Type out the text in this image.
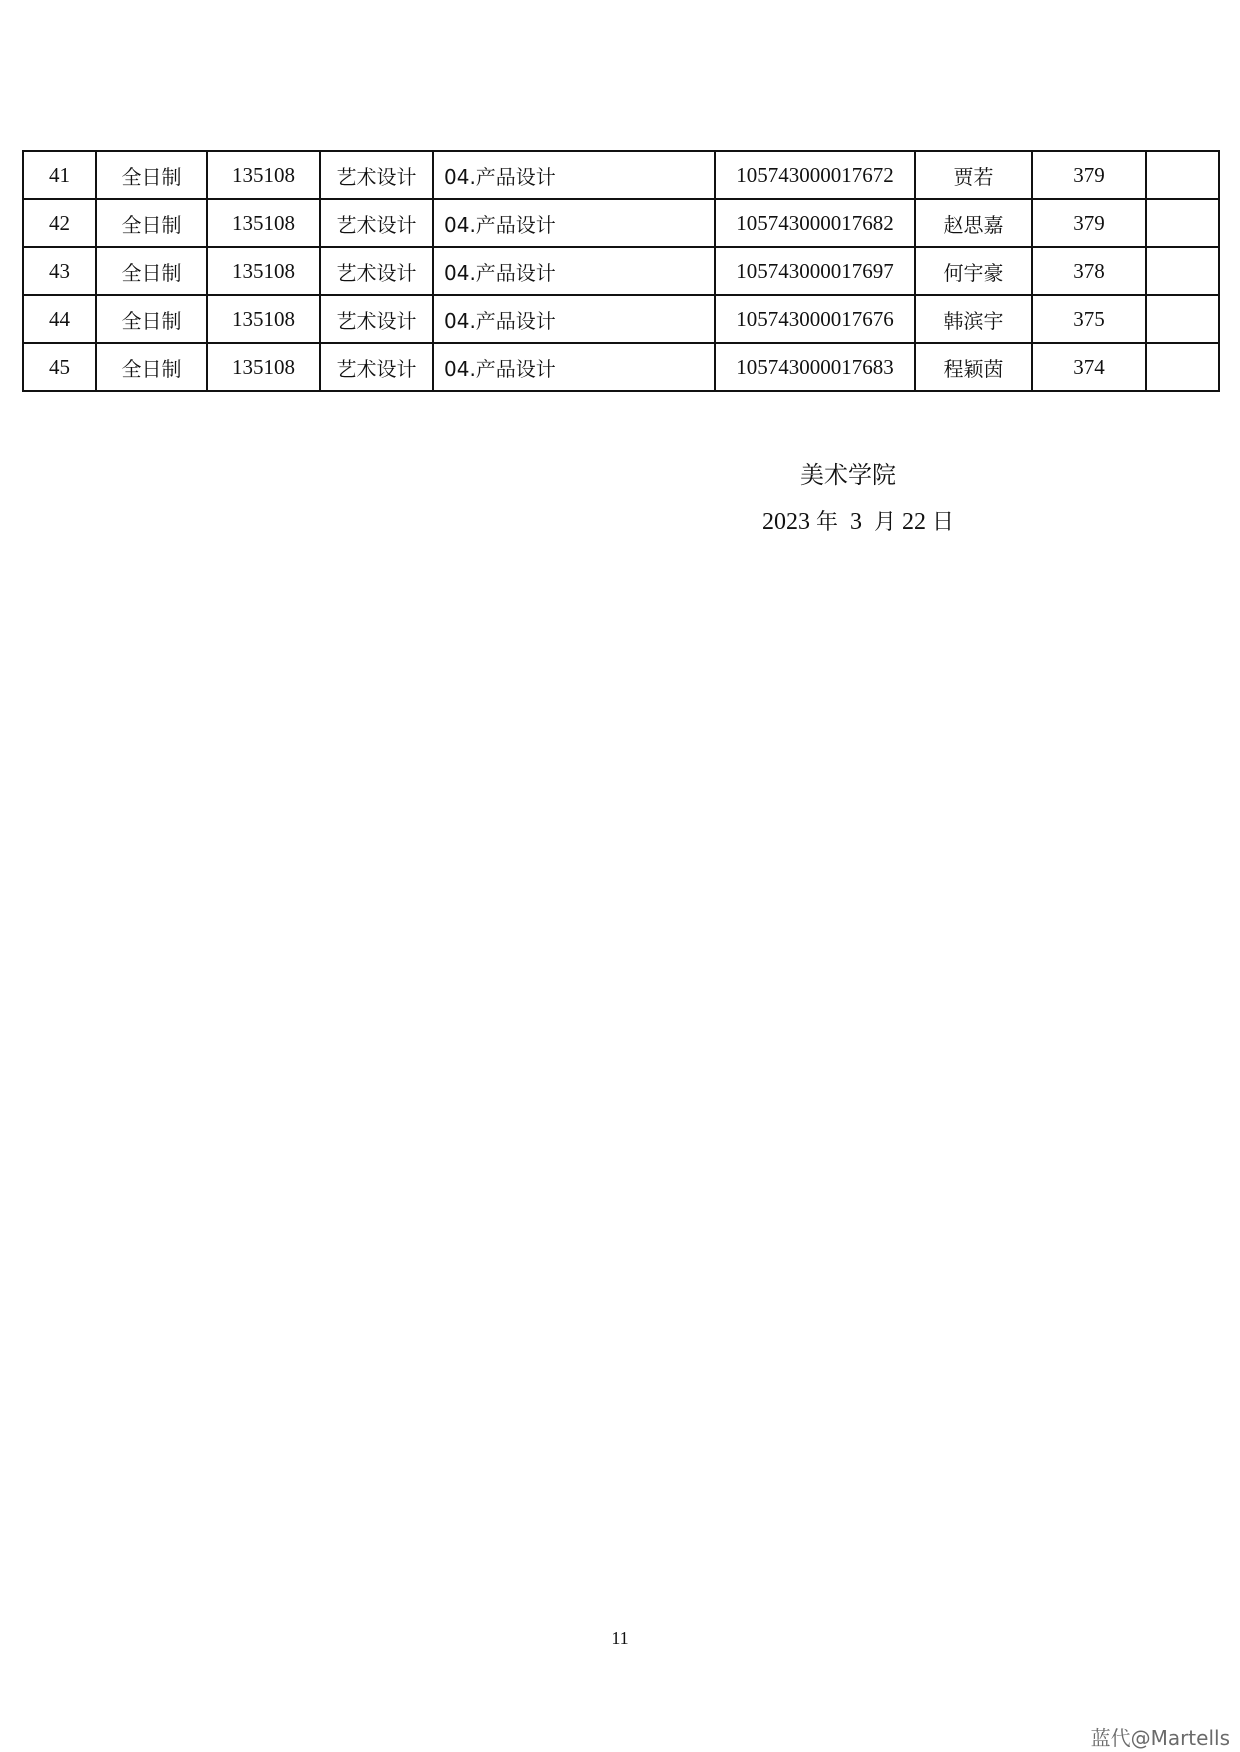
41	全日制	135108	艺术设计	04.产品设计	105743000017672	贾若	379	
42	全日制	135108	艺术设计	04.产品设计	105743000017682	赵思嘉	379	
43	全日制	135108	艺术设计	04.产品设计	105743000017697	何宇豪	378	
44	全日制	135108	艺术设计	04.产品设计	105743000017676	韩滨宇	375	
45	全日制	135108	艺术设计	04.产品设计	105743000017683	程颖茵	374	
美术学院
2023 年 3 月 22 日
11
蓝代@Martells
